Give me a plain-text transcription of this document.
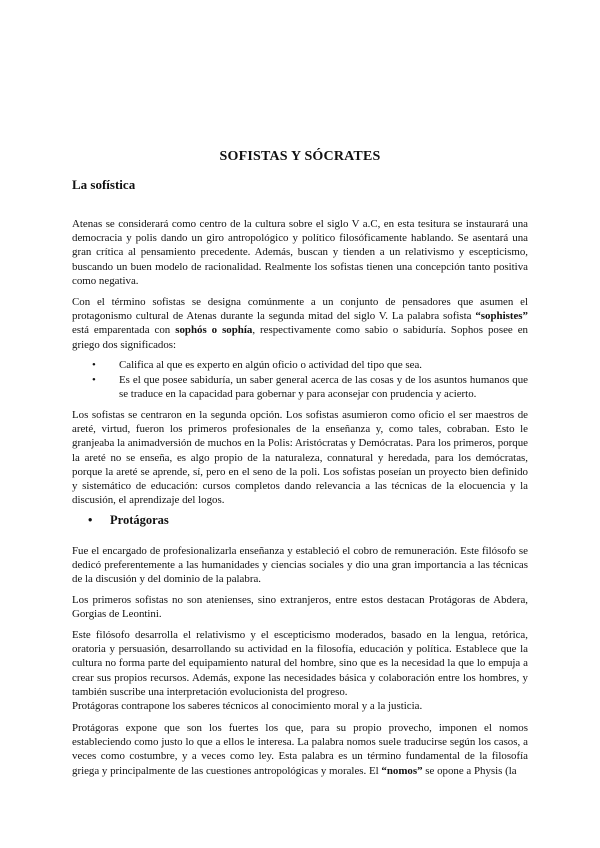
SOFISTAS Y SÓCRATES
La sofística

Atenas se considerará como centro de la cultura sobre el siglo V a.C, en esta tesitura se instaurará una democracia y polis dando un giro antropológico y político filosóficamente hablando. Se asentará una gran crítica al pensamiento precedente. Además, buscan y tienden a un relativismo y escepticismo, buscando un buen modelo de racionalidad. Realmente los sofistas tienen una concepción tanto positiva como negativa.

Con el término sofistas se designa comúnmente a un conjunto de pensadores que asumen el protagonismo cultural de Atenas durante la segunda mitad del siglo V. La palabra sofista “sophistes” está emparentada con sophós o sophía, respectivamente como sabio o sabiduría. Sophos posee en griego dos significados:

• Califica al que es experto en algún oficio o actividad del tipo que sea.
• Es el que posee sabiduría, un saber general acerca de las cosas y de los asuntos humanos que se traduce en la capacidad para gobernar y para aconsejar con prudencia y acierto.

Los sofistas se centraron en la segunda opción. Los sofistas asumieron como oficio el ser maestros de areté, virtud, fueron los primeros profesionales de la enseñanza y, como tales, cobraban. Esto le granjeaba la animadversión de muchos en la Polis: Aristócratas y Demócratas. Para los primeros, porque la areté no se enseña, es algo propio de la naturaleza, connatural y heredada, para los demócratas, porque la areté se aprende, sí, pero en el seno de la poli. Los sofistas poseían un proyecto bien definido y sistemático de educación: cursos completos dando relevancia a las técnicas de la elocuencia y la discusión, el aprendizaje del logos.

• Protágoras

Fue el encargado de profesionalizarla enseñanza y estableció el cobro de remuneración. Este filósofo se dedicó preferentemente a las humanidades y ciencias sociales y dio una gran importancia a las técnicas de la discusión y del dominio de la palabra.

Los primeros sofistas no son atenienses, sino extranjeros, entre estos destacan Protágoras de Abdera, Gorgias de Leontini.

Este filósofo desarrolla el relativismo y el escepticismo moderados, basado en la lengua, retórica, oratoria y persuasión, desarrollando su actividad en la filosofía, educación y política. Establece que la cultura no forma parte del equipamiento natural del hombre, sino que es la necesidad la que lo empuja a crear sus propios recursos. Además, expone las necesidades básica y colaboración entre los hombres, y también suscribe una interpretación evolucionista del progreso.

Protágoras contrapone los saberes técnicos al conocimiento moral y a la justicia.

Protágoras expone que son los fuertes los que, para su propio provecho, imponen el nomos estableciendo como justo lo que a ellos le interesa. La palabra nomos suele traducirse según los casos, a veces como costumbre, y a veces como ley. Esta palabra es un término fundamental de la filosofía griega y principalmente de las cuestiones antropológicas y morales. El “nomos” se opone a Physis (la
